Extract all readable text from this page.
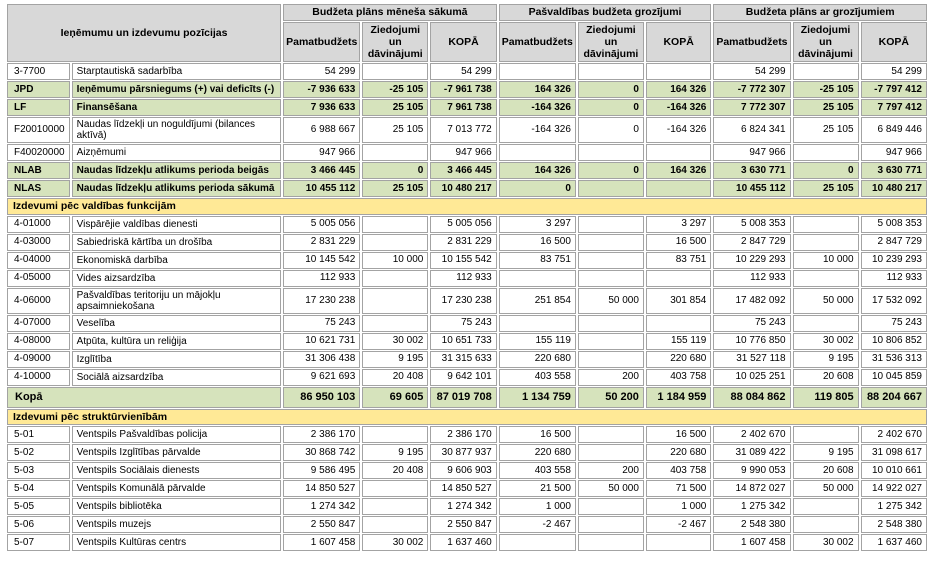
Ieņēmumu un izdevumu pozīcijas		Budžeta plāns mēneša sākumā			Pašvaldības budžeta grozījumi			Budžeta plāns ar grozījumiem		
		Pamatbudžets	Ziedojumi un dāvinājumi	KOPĀ	Pamatbudžets	Ziedojumi un dāvinājumi	KOPĀ	Pamatbudžets	Ziedojumi un dāvinājumi	KOPĀ
3-7700	Starptautiskā sadarbība	54 299		54 299				54 299		54 299
JPD	Ieņēmumu pārsniegums (+) vai deficīts (-)	-7 936 633	-25 105	-7 961 738	164 326	0	164 326	-7 772 307	-25 105	-7 797 412
LF	Finansēšana	7 936 633	25 105	7 961 738	-164 326	0	-164 326	7 772 307	25 105	7 797 412
F20010000	Naudas līdzekļi un noguldījumi (bilances aktīvā)	6 988 667	25 105	7 013 772	-164 326	0	-164 326	6 824 341	25 105	6 849 446
F40020000	Aizņēmumi	947 966		947 966				947 966		947 966
NLAB	Naudas līdzekļu atlikums perioda beigās	3 466 445	0	3 466 445	164 326	0	164 326	3 630 771	0	3 630 771
NLAS	Naudas līdzekļu atlikums perioda sākumā	10 455 112	25 105	10 480 217	0			10 455 112	25 105	10 480 217
Izdevumi pēc valdības funkcijām										
4-01000	Vispārējie valdības dienesti	5 005 056		5 005 056	3 297		3 297	5 008 353		5 008 353
4-03000	Sabiedriskā kārtība un drošība	2 831 229		2 831 229	16 500		16 500	2 847 729		2 847 729
4-04000	Ekonomiskā darbība	10 145 542	10 000	10 155 542	83 751		83 751	10 229 293	10 000	10 239 293
4-05000	Vides aizsardzība	112 933		112 933				112 933		112 933
4-06000	Pašvaldības teritoriju un mājokļu apsaimniekošana	17 230 238		17 230 238	251 854	50 000	301 854	17 482 092	50 000	17 532 092
4-07000	Veselība	75 243		75 243				75 243		75 243
4-08000	Atpūta, kultūra un reliģija	10 621 731	30 002	10 651 733	155 119		155 119	10 776 850	30 002	10 806 852
4-09000	Izglītība	31 306 438	9 195	31 315 633	220 680		220 680	31 527 118	9 195	31 536 313
4-10000	Sociālā aizsardzība	9 621 693	20 408	9 642 101	403 558	200	403 758	10 025 251	20 608	10 045 859
Kopā		86 950 103	69 605	87 019 708	1 134 759	50 200	1 184 959	88 084 862	119 805	88 204 667
Izdevumi pēc struktūrvienībām										
5-01	Ventspils Pašvaldības policija	2 386 170		2 386 170	16 500		16 500	2 402 670		2 402 670
5-02	Ventspils Izglītības pārvalde	30 868 742	9 195	30 877 937	220 680		220 680	31 089 422	9 195	31 098 617
5-03	Ventspils Sociālais dienests	9 586 495	20 408	9 606 903	403 558	200	403 758	9 990 053	20 608	10 010 661
5-04	Ventspils Komunālā pārvalde	14 850 527		14 850 527	21 500	50 000	71 500	14 872 027	50 000	14 922 027
5-05	Ventspils bibliotēka	1 274 342		1 274 342	1 000		1 000	1 275 342		1 275 342
5-06	Ventspils muzejs	2 550 847		2 550 847	-2 467		-2 467	2 548 380		2 548 380
5-07	Ventspils Kultūras centrs	1 607 458	30 002	1 637 460				1 607 458	30 002	1 637 460
